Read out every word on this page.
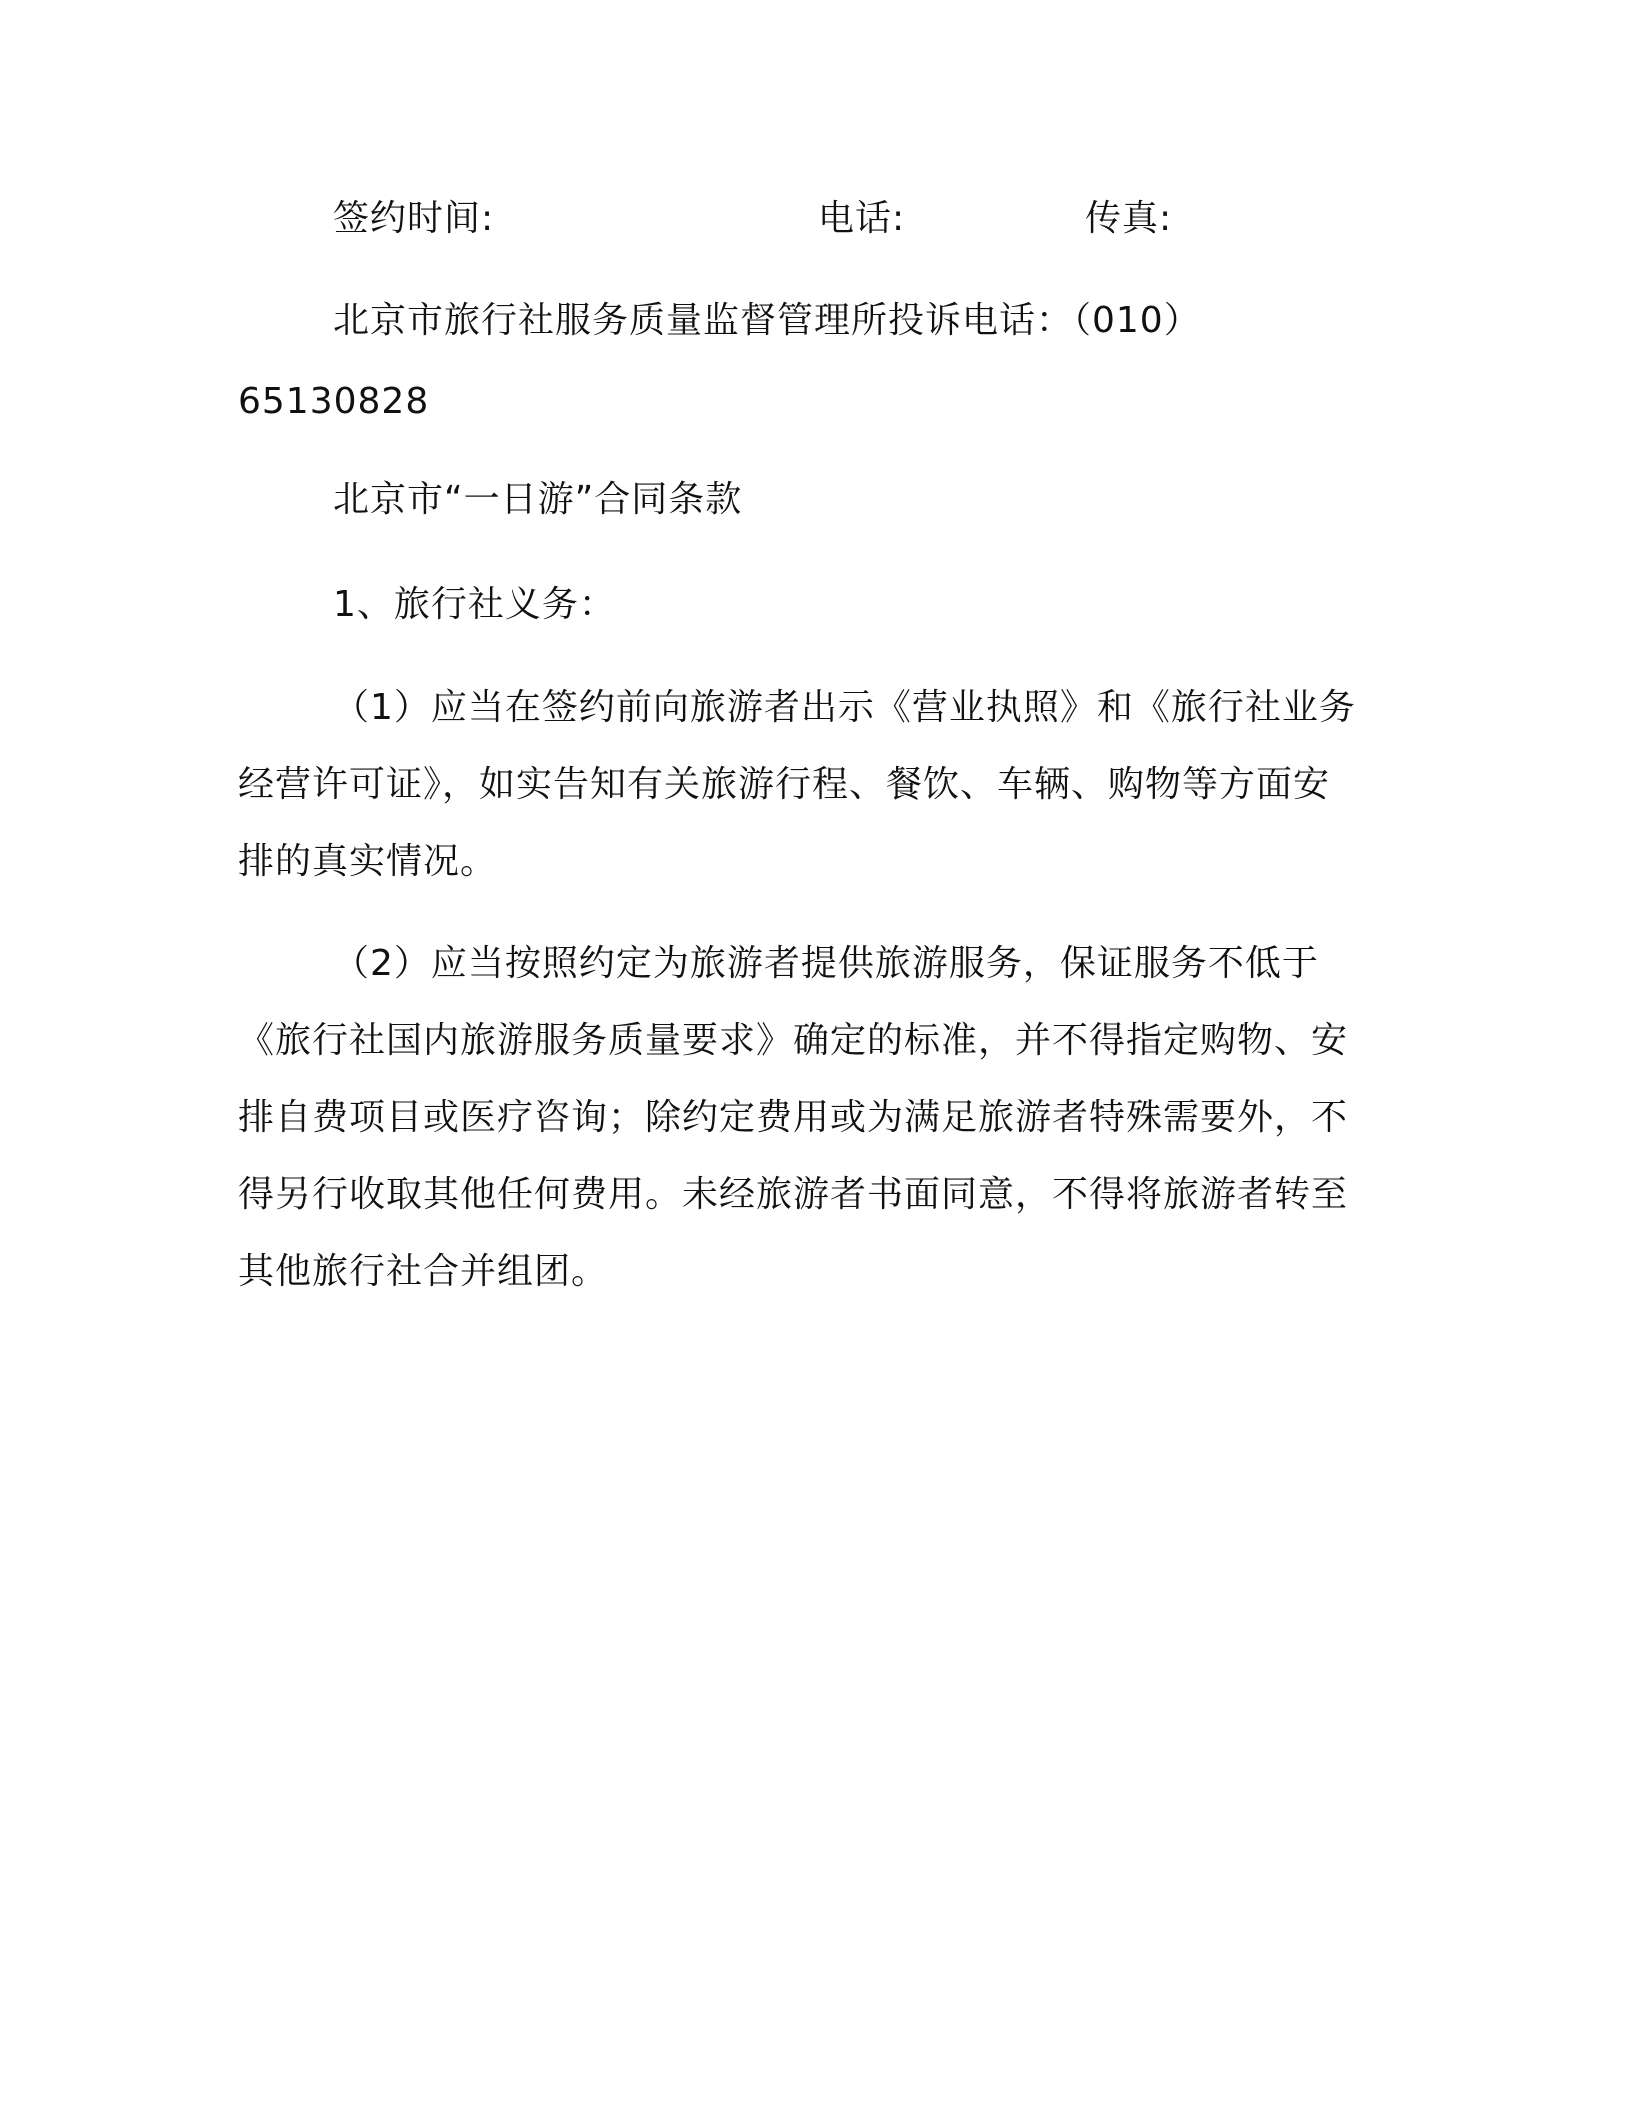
签约时间:	电话:	传真:
北京市旅行社服务质量监督管理所投诉电话：（010）
65130828
北京市“一日游”合同条款
1、旅行社义务：
（1）应当在签约前向旅游者出示《营业执照》和《旅行社业务
经营许可证》，如实告知有关旅游行程、餐饮、车辆、购物等方面安
排的真实情况。
（2）应当按照约定为旅游者提供旅游服务，保证服务不低于
《旅行社国内旅游服务质量要求》确定的标准，并不得指定购物、安
排自费项目或医疗咨询；除约定费用或为满足旅游者特殊需要外，不
得另行收取其他任何费用。未经旅游者书面同意，不得将旅游者转至
其他旅行社合并组团。
